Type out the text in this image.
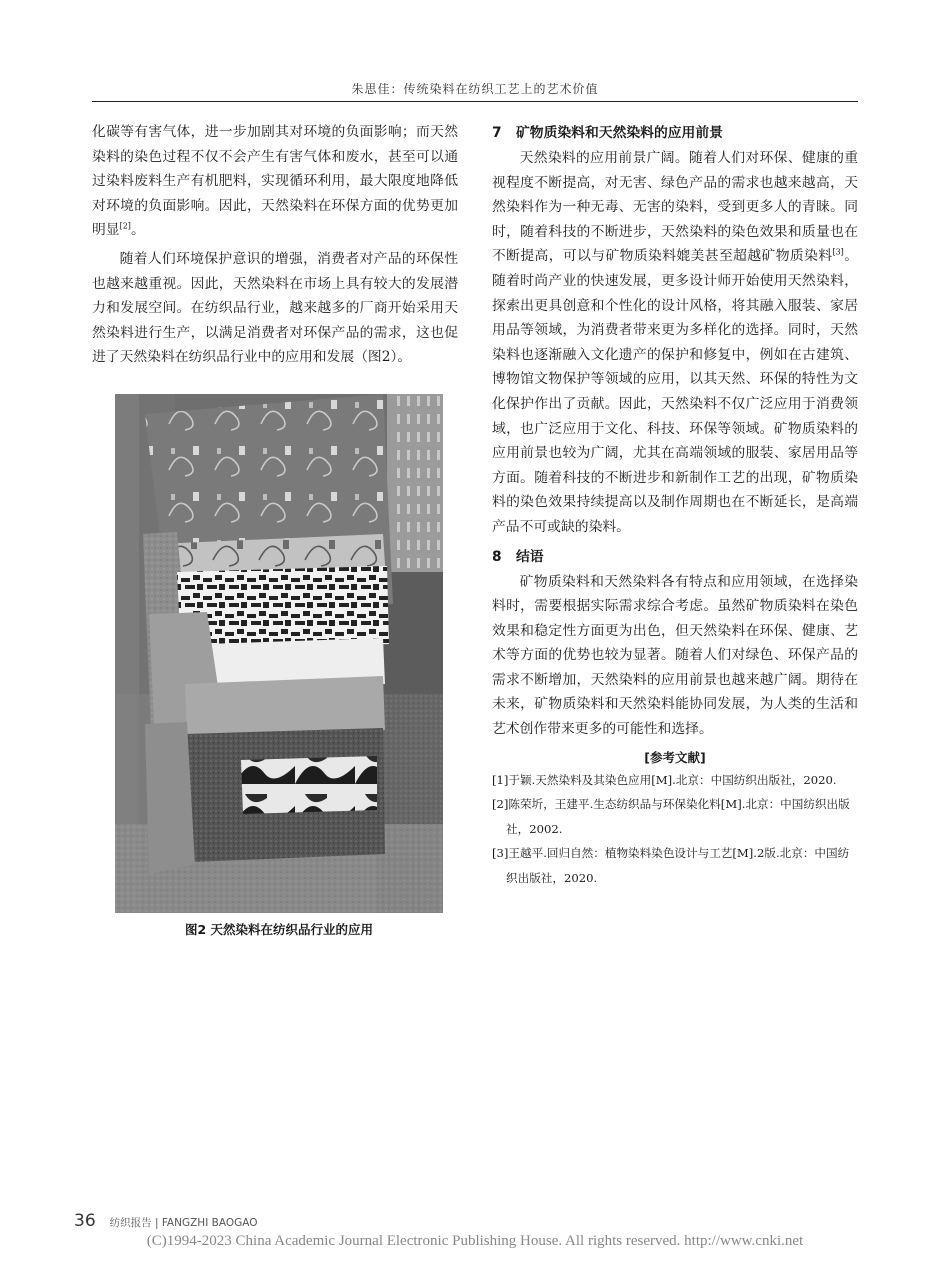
朱思佳：传统染料在纺织工艺上的艺术价值

化碳等有害气体，进一步加剧其对环境的负面影响；而天然染料的染色过程不仅不会产生有害气体和废水，甚至可以通过染料废料生产有机肥料，实现循环利用，最大限度地降低对环境的负面影响。因此，天然染料在环保方面的优势更加明显[2]。

随着人们环境保护意识的增强，消费者对产品的环保性也越来越重视。因此，天然染料在市场上具有较大的发展潜力和发展空间。在纺织品行业，越来越多的厂商开始采用天然染料进行生产，以满足消费者对环保产品的需求，这也促进了天然染料在纺织品行业中的应用和发展（图2）。

图2 天然染料在纺织品行业的应用
7 矿物质染料和天然染料的应用前景

天然染料的应用前景广阔。随着人们对环保、健康的重视程度不断提高，对无害、绿色产品的需求也越来越高，天然染料作为一种无毒、无害的染料，受到更多人的青睐。同时，随着科技的不断进步，天然染料的染色效果和质量也在不断提高，可以与矿物质染料媲美甚至超越矿物质染料[3]。随着时尚产业的快速发展，更多设计师开始使用天然染料，探索出更具创意和个性化的设计风格，将其融入服装、家居用品等领域，为消费者带来更为多样化的选择。同时，天然染料也逐渐融入文化遗产的保护和修复中，例如在古建筑、博物馆文物保护等领域的应用，以其天然、环保的特性为文化保护作出了贡献。因此，天然染料不仅广泛应用于消费领域，也广泛应用于文化、科技、环保等领域。矿物质染料的应用前景也较为广阔，尤其在高端领域的服装、家居用品等方面。随着科技的不断进步和新制作工艺的出现，矿物质染料的染色效果持续提高以及制作周期也在不断延长，是高端产品不可或缺的染料。

8 结语

矿物质染料和天然染料各有特点和应用领域，在选择染料时，需要根据实际需求综合考虑。虽然矿物质染料在染色效果和稳定性方面更为出色，但天然染料在环保、健康、艺术等方面的优势也较为显著。随着人们对绿色、环保产品的需求不断增加，天然染料的应用前景也越来越广阔。期待在未来，矿物质染料和天然染料能协同发展，为人类的生活和艺术创作带来更多的可能性和选择。

[参考文献]

[1]于颖.天然染料及其染色应用[M].北京：中国纺织出版社，2020.

[2]陈荣圻，王建平.生态纺织品与环保染化料[M].北京：中国纺织出版社，2002.

[3]王越平.回归自然：植物染料染色设计与工艺[M].2版.北京：中国纺织出版社，2020.

36 纺织报告 | FANGZHI BAOGAO
(C)1994-2023 China Academic Journal Electronic Publishing House. All rights reserved. http://www.cnki.net
